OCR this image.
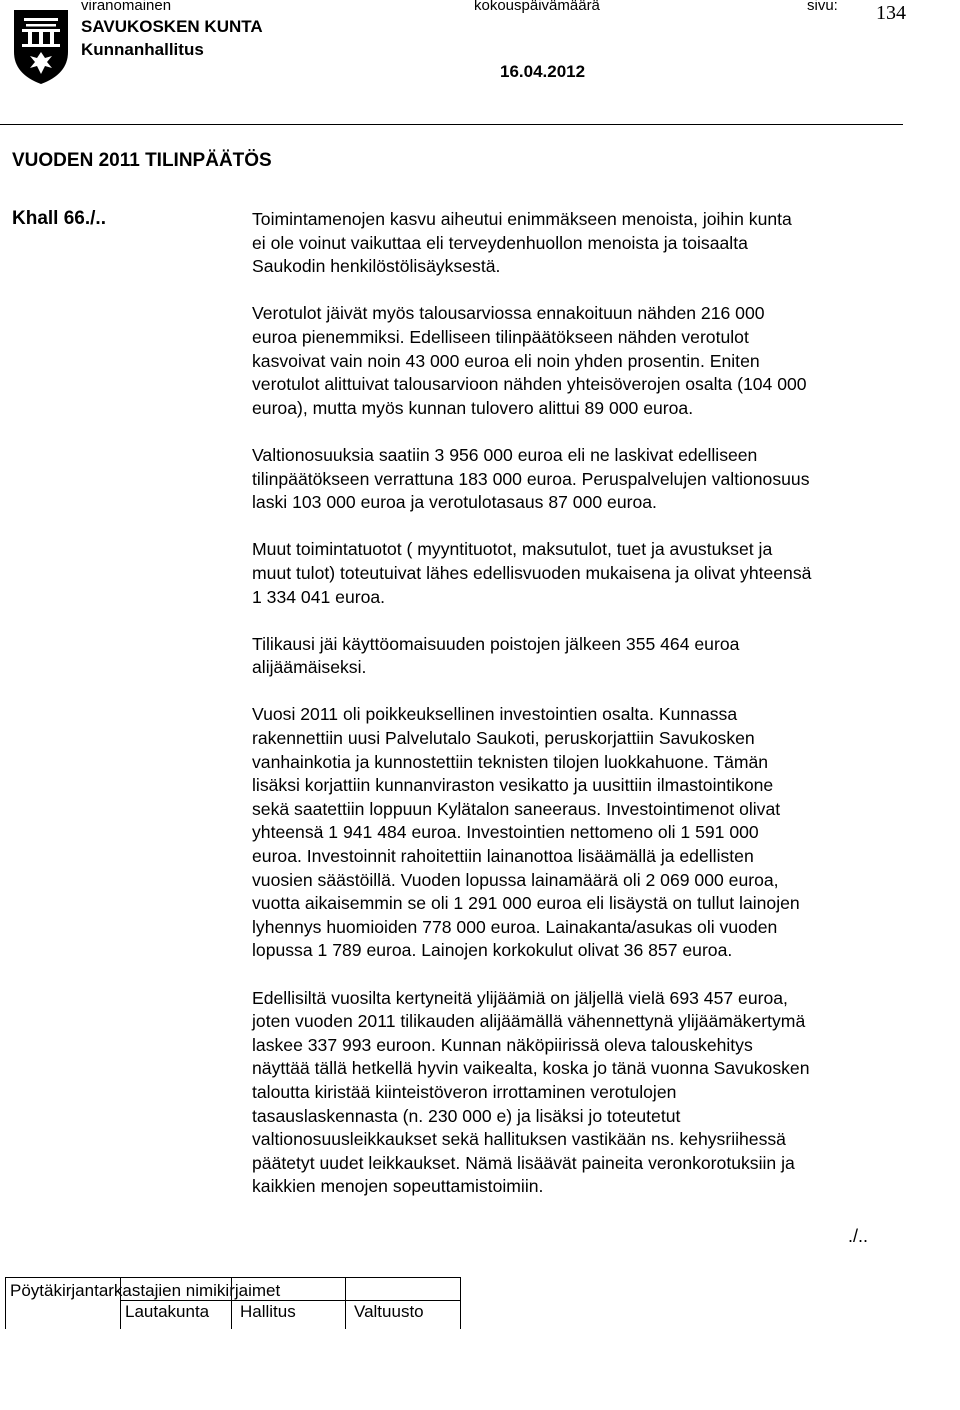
viranomainen
SAVUKOSKEN KUNTA
Kunnanhallitus
kokouspäivämäärä
16.04.2012
sivu: 134
VUODEN 2011 TILINPÄÄTÖS
Khall 66./..	Toimintamenojen kasvu aiheutui enimmäkseen menoista, joihin kunta
ei ole voinut vaikuttaa eli terveydenhuollon menoista ja toisaalta
Saukodin henkilöstölisäyksestä.

Verotulot jäivät myös talousarviossa ennakoituun nähden 216 000
euroa pienemmiksi. Edelliseen tilinpäätökseen nähden verotulot
kasvoivat vain noin 43 000 euroa eli noin yhden prosentin. Eniten
verotulot alittuivat talousarvioon nähden yhteisöverojen osalta (104 000
euroa), mutta myös kunnan tulovero alittui 89 000 euroa.

Valtionosuuksia saatiin 3 956 000 euroa eli ne laskivat edelliseen
tilinpäätökseen verrattuna 183 000 euroa. Peruspalvelujen valtionosuus
laski 103 000 euroa ja verotulotasaus 87 000 euroa.

Muut toimintatuotot ( myyntituotot, maksutulot, tuet ja avustukset ja
muut tulot) toteutuivat lähes edellisvuoden mukaisena ja olivat yhteensä
1 334 041 euroa.

Tilikausi jäi käyttöomaisuuden poistojen jälkeen 355 464 euroa
alijäämäiseksi.

Vuosi 2011 oli poikkeuksellinen investointien osalta. Kunnassa
rakennettiin uusi Palvelutalo Saukoti, peruskorjattiin Savukosken
vanhainkotia ja kunnostettiin teknisten tilojen luokkahuone. Tämän
lisäksi korjattiin kunnanviraston vesikatto ja uusittiin ilmastointikone
sekä saatettiin loppuun Kylätalon saneeraus. Investointimenot olivat
yhteensä 1 941 484 euroa. Investointien nettomeno oli 1 591 000
euroa. Investoinnit rahoitettiin lainanottoa lisäämällä ja edellisten
vuosien säästöillä. Vuoden lopussa lainamäärä oli 2 069 000 euroa,
vuotta aikaisemmin se oli 1 291 000 euroa eli lisäystä on tullut lainojen
lyhennys huomioiden 778 000 euroa. Lainakanta/asukas oli vuoden
lopussa 1 789 euroa. Lainojen korkokulut olivat 36 857 euroa.

Edellisiltä vuosilta kertyneitä ylijäämiä on jäljellä vielä 693 457 euroa,
joten vuoden 2011 tilikauden alijäämällä vähennettynä ylijäämäkertymä
laskee 337 993 euroon. Kunnan näköpiirissä oleva talouskehitys
näyttää tällä hetkellä hyvin vaikealta, koska jo tänä vuonna Savukosken
taloutta kiristää kiinteistöveron irrottaminen verotulojen
tasauslaskennasta (n. 230 000 e) ja lisäksi jo toteutetut
valtionosuusleikkaukset sekä hallituksen vastikään ns. kehysriihessä
päätetyt uudet leikkaukset. Nämä lisäävät paineita veronkorotuksiin ja
kaikkien menojen sopeuttamistoimiin.

./..
Pöytäkirjantarkastajien nimikirjaimet
Lautakunta Hallitus	Valtuusto
